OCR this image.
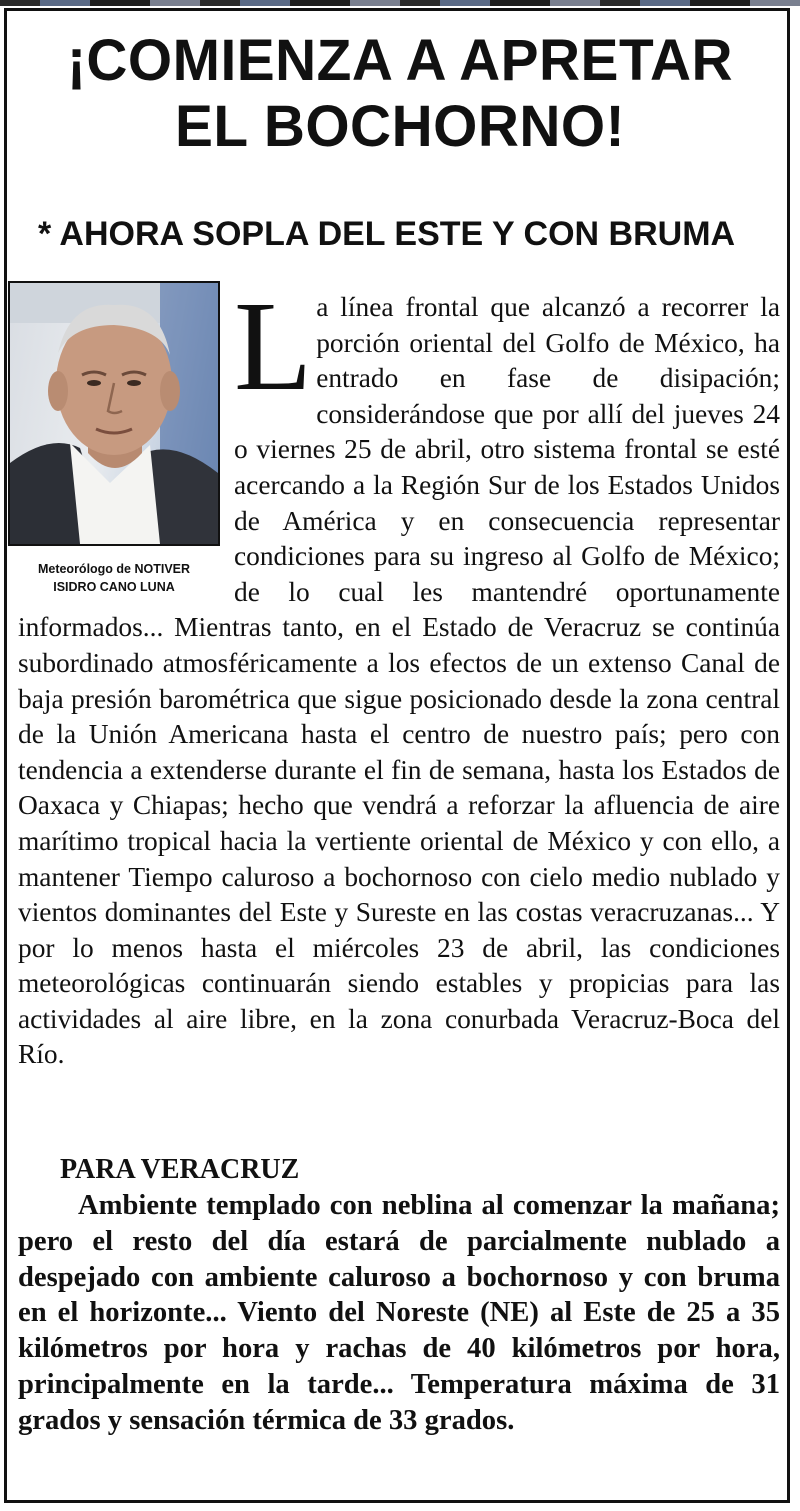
¡COMIENZA A APRETAR
EL BOCHORNO!
* AHORA SOPLA DEL ESTE Y CON BRUMA
Meteorólogo de NOTIVER
ISIDRO CANO LUNA
L a línea frontal que alcanzó a recorrer la porción oriental del Golfo de México, ha entrado en fase de disipación; considerándose que por allí del jueves 24 o viernes 25 de abril, otro sistema frontal se esté acercando a la Región Sur de los Estados Unidos de América y en consecuencia representar condiciones para su ingreso al Golfo de México; de lo cual les mantendré oportunamente informados... Mientras tanto, en el Estado de Veracruz se continúa subordinado atmosféricamente a los efectos de un extenso Canal de baja presión barométrica que sigue posicionado desde la zona central de la Unión Americana hasta el centro de nuestro país; pero con tendencia a extenderse durante el fin de semana, hasta los Estados de Oaxaca y Chiapas; hecho que vendrá a reforzar la afluencia de aire marítimo tropical hacia la vertiente oriental de México y con ello, a mantener Tiempo caluroso a bochornoso con cielo medio nublado y vientos dominantes del Este y Sureste en las costas veracruzanas... Y por lo menos hasta el miércoles 23 de abril, las condiciones meteorológicas continuarán siendo estables y propicias para las actividades al aire libre, en la zona conurbada Veracruz-Boca del Río.
PARA VERACRUZ
Ambiente templado con neblina al comenzar la mañana; pero el resto del día estará de parcialmente nublado a despejado con ambiente caluroso a bochornoso y con bruma en el horizonte... Viento del Noreste (NE) al Este de 25 a 35 kilómetros por hora y rachas de 40 kilómetros por hora, principalmente en la tarde... Temperatura máxima de 31 grados y sensación térmica de 33 grados.
